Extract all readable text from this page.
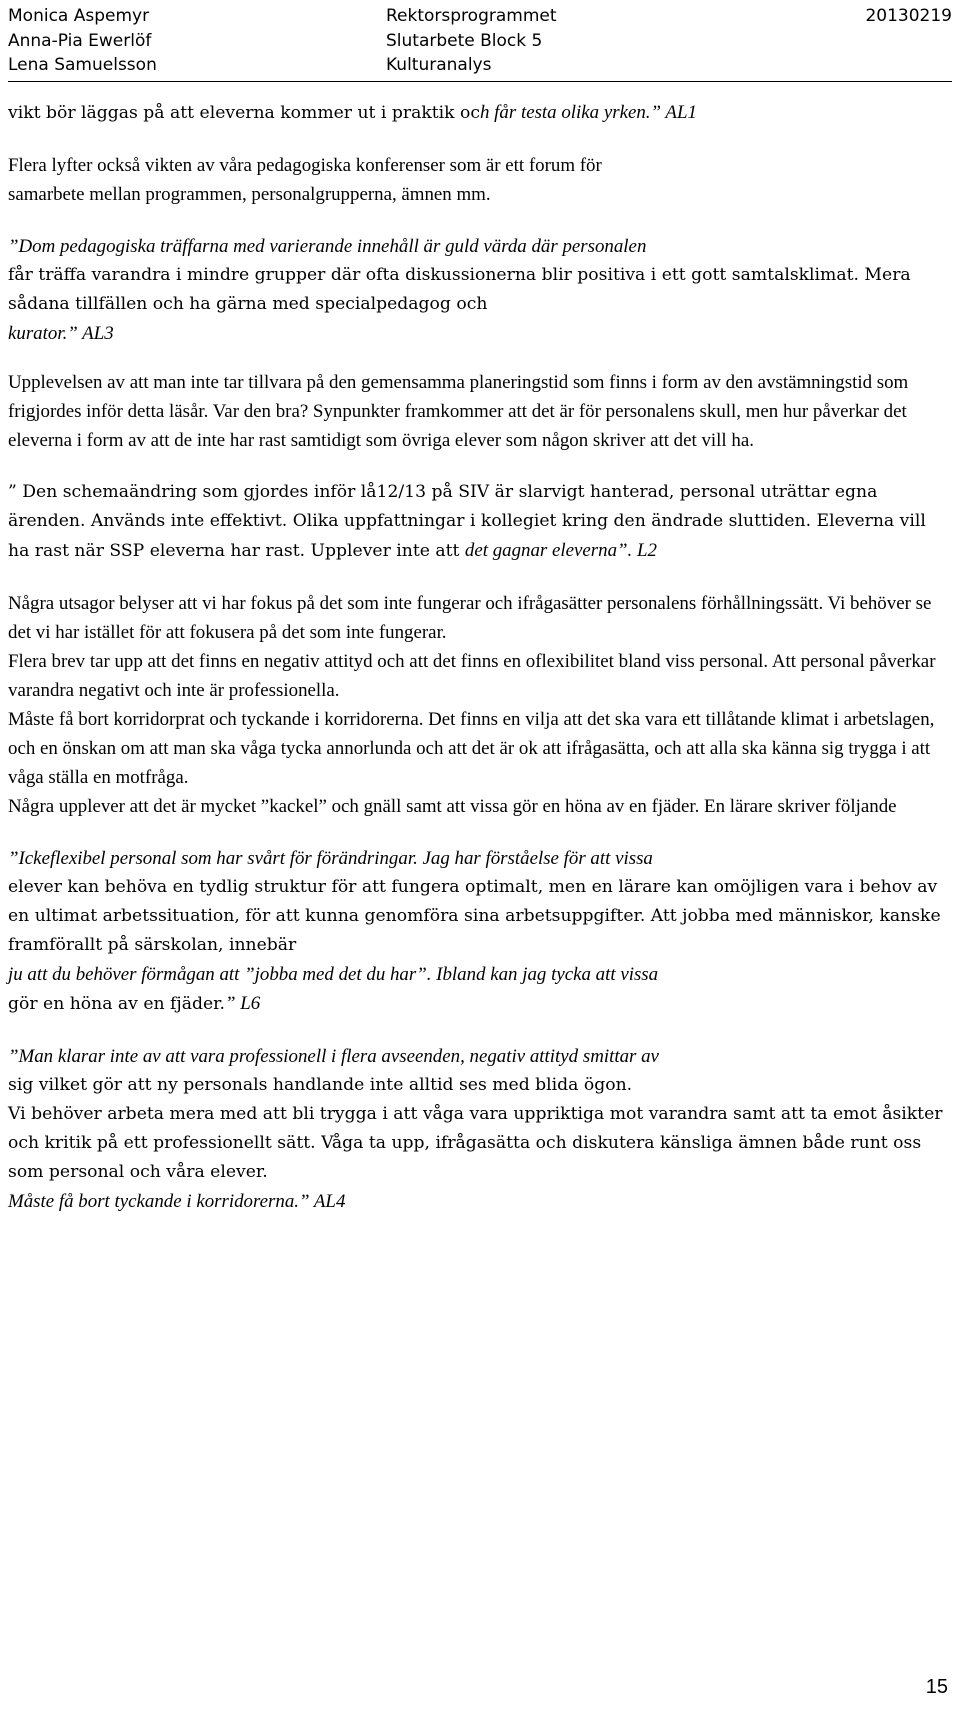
Monica Aspemyr
Anna-Pia Ewerlöf
Lena Samuelsson
Rektorsprogrammet
Slutarbete Block 5
Kulturanalys
20130219
vikt bör läggas på att eleverna kommer ut i praktik och får testa olika yrken.” AL1

Flera lyfter också vikten av våra pedagogiska konferenser som är ett forum för

samarbete mellan programmen, personalgrupperna, ämnen mm.

”Dom pedagogiska träffarna med varierande innehåll är guld värda där personalen

får träffa varandra i mindre grupper där ofta diskussionerna blir positiva i ett gott samtalsklimat. Mera sådana tillfällen och ha gärna med specialpedagog och

kurator.” AL3

Upplevelsen av att man inte tar tillvara på den gemensamma planeringstid som finns i form av den avstämningstid som frigjordes inför detta läsår. Var den bra? Synpunkter framkommer att det är för personalens skull, men hur påverkar det eleverna i form av att de inte har rast samtidigt som övriga elever som någon skriver att det vill ha.

” Den schemaändring som gjordes inför lå12/13 på SIV är slarvigt hanterad, personal uträttar egna ärenden. Används inte effektivt. Olika uppfattningar i kollegiet kring den ändrade sluttiden. Eleverna vill ha rast när SSP eleverna har rast. Upplever inte att det gagnar eleverna”. L2

Några utsagor belyser att vi har fokus på det som inte fungerar och ifrågasätter personalens förhållningssätt. Vi behöver se det vi har istället för att fokusera på det som inte fungerar.

Flera brev tar upp att det finns en negativ attityd och att det finns en oflexibilitet bland viss personal. Att personal påverkar varandra negativt och inte är professionella.

Måste få bort korridorprat och tyckande i korridorerna. Det finns en vilja att det ska vara ett tillåtande klimat i arbetslagen, och en önskan om att man ska våga tycka annorlunda och att det är ok att ifrågasätta, och att alla ska känna sig trygga i att våga ställa en motfråga.

Några upplever att det är mycket ”kackel” och gnäll samt att vissa gör en höna av en fjäder. En lärare skriver följande

”Ickeflexibel personal som har svårt för förändringar. Jag har förståelse för att vissa

elever kan behöva en tydlig struktur för att fungera optimalt, men en lärare kan omöjligen vara i behov av en ultimat arbetssituation, för att kunna genomföra sina arbetsuppgifter. Att jobba med människor, kanske framförallt på särskolan, innebär

ju att du behöver förmågan att ”jobba med det du har”. Ibland kan jag tycka att vissa

gör en höna av en fjäder.” L6

”Man klarar inte av att vara professionell i flera avseenden, negativ attityd smittar av

sig vilket gör att ny personals handlande inte alltid ses med blida ögon.

Vi behöver arbeta mera med att bli trygga i att våga vara uppriktiga mot varandra samt att ta emot åsikter och kritik på ett professionellt sätt. Våga ta upp, ifrågasätta och diskutera känsliga ämnen både runt oss som personal och våra elever.

Måste få bort tyckande i korridorerna.” AL4

15
